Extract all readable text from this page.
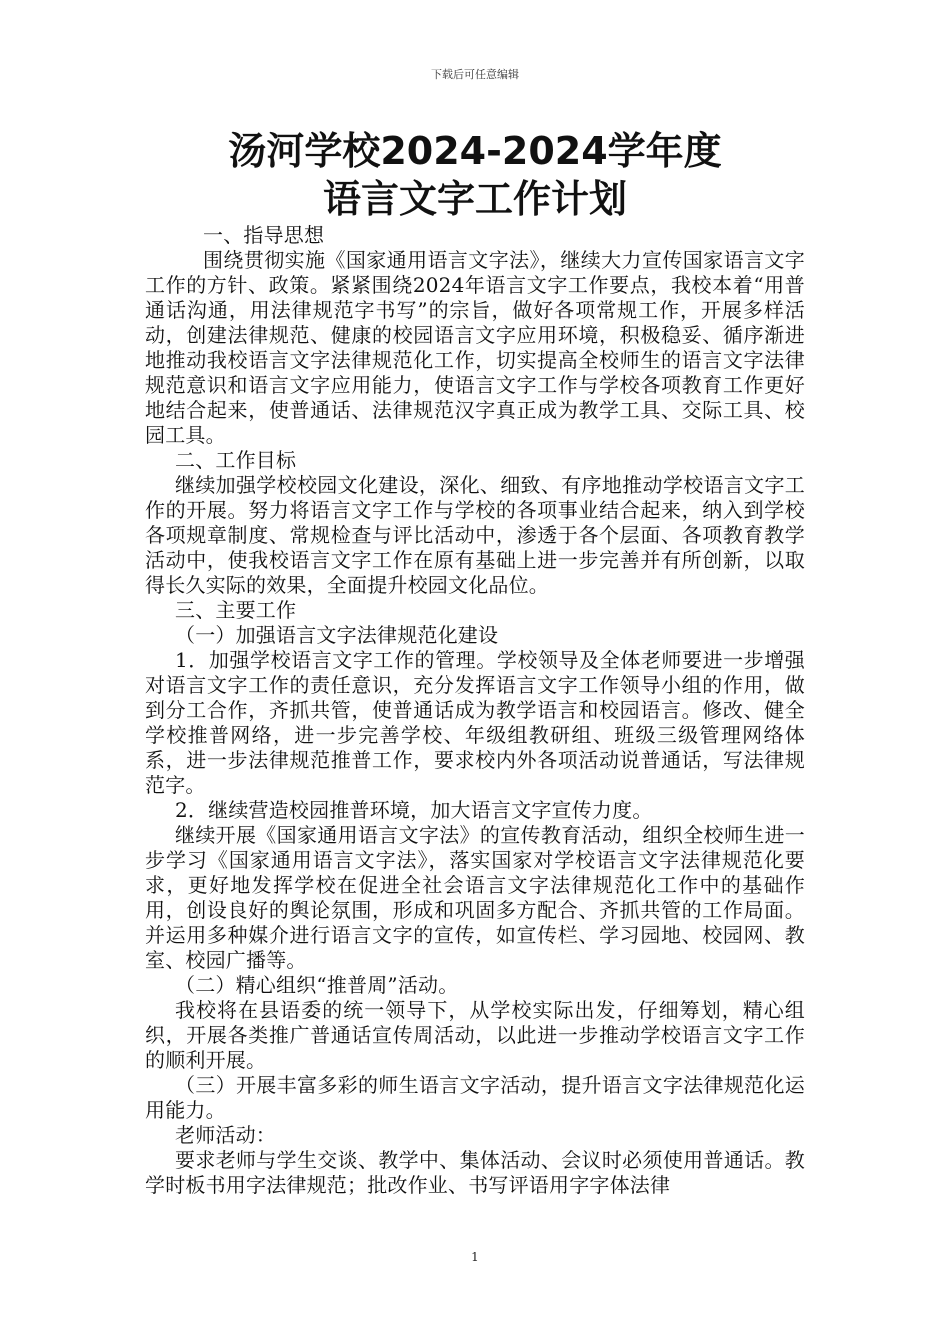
下载后可任意编辑
汤河学校2024-2024学年度
语言文字工作计划

一、指导思想

围绕贯彻实施《国家通用语言文字法》，继续大力宣传国家语言文字工作的方针、政策。紧紧围绕2024年语言文字工作要点，我校本着“用普通话沟通，用法律规范字书写”的宗旨，做好各项常规工作，开展多样活动，创建法律规范、健康的校园语言文字应用环境，积极稳妥、循序渐进地推动我校语言文字法律规范化工作，切实提高全校师生的语言文字法律规范意识和语言文字应用能力，使语言文字工作与学校各项教育工作更好地结合起来，使普通话、法律规范汉字真正成为教学工具、交际工具、校园工具。

二、工作目标

继续加强学校校园文化建设，深化、细致、有序地推动学校语言文字工作的开展。努力将语言文字工作与学校的各项事业结合起来，纳入到学校各项规章制度、常规检查与评比活动中，渗透于各个层面、各项教育教学活动中，使我校语言文字工作在原有基础上进一步完善并有所创新，以取得长久实际的效果，全面提升校园文化品位。

三、主要工作

（一）加强语言文字法律规范化建设

1．加强学校语言文字工作的管理。学校领导及全体老师要进一步增强对语言文字工作的责任意识，充分发挥语言文字工作领导小组的作用，做到分工合作，齐抓共管，使普通话成为教学语言和校园语言。修改、健全学校推普网络，进一步完善学校、年级组教研组、班级三级管理网络体系，进一步法律规范推普工作，要求校内外各项活动说普通话，写法律规范字。

2．继续营造校园推普环境，加大语言文字宣传力度。

继续开展《国家通用语言文字法》的宣传教育活动，组织全校师生进一步学习《国家通用语言文字法》，落实国家对学校语言文字法律规范化要求，更好地发挥学校在促进全社会语言文字法律规范化工作中的基础作用，创设良好的舆论氛围，形成和巩固多方配合、齐抓共管的工作局面。并运用多种媒介进行语言文字的宣传，如宣传栏、学习园地、校园网、教室、校园广播等。

（二）精心组织“推普周”活动。

我校将在县语委的统一领导下，从学校实际出发，仔细筹划，精心组织，开展各类推广普通话宣传周活动，以此进一步推动学校语言文字工作的顺利开展。

（三）开展丰富多彩的师生语言文字活动，提升语言文字法律规范化运用能力。

老师活动：

要求老师与学生交谈、教学中、集体活动、会议时必须使用普通话。教学时板书用字法律规范；批改作业、书写评语用字字体法律

1
